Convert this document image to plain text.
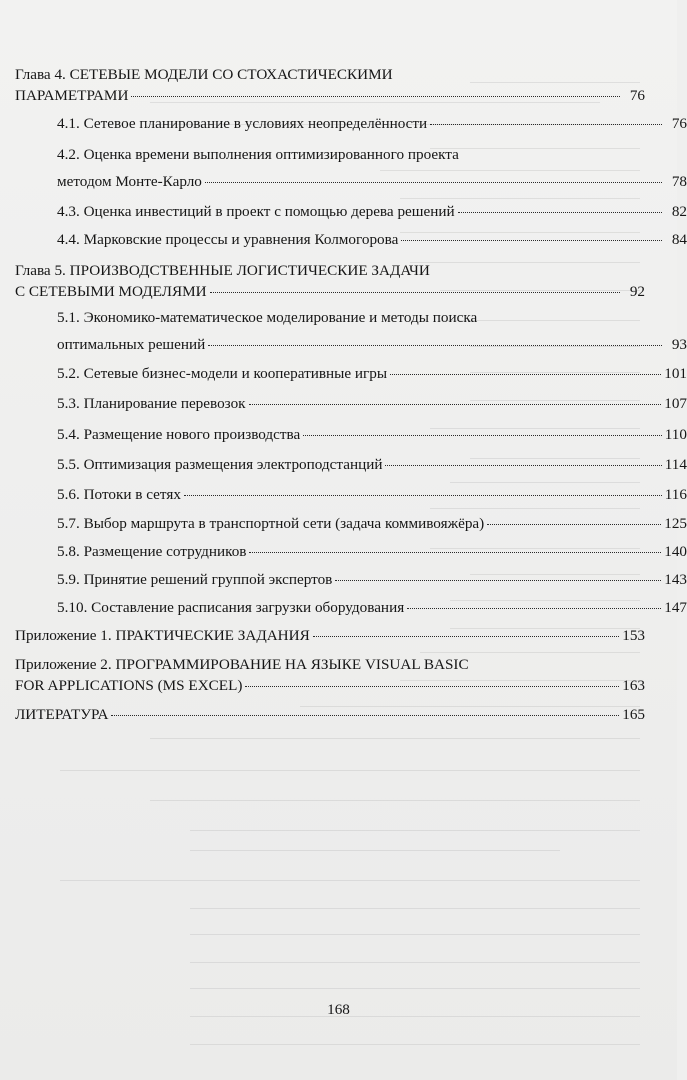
Глава 4. СЕТЕВЫЕ МОДЕЛИ СО СТОХАСТИЧЕСКИМИ
ПАРАМЕТРАМИ	76
4.1. Сетевое планирование в условиях неопределённости	76
4.2. Оценка времени выполнения оптимизированного проекта
методом Монте-Карло	78
4.3. Оценка инвестиций в проект с помощью дерева решений	82
4.4. Марковские процессы и уравнения Колмогорова	84
Глава 5. ПРОИЗВОДСТВЕННЫЕ ЛОГИСТИЧЕСКИЕ ЗАДАЧИ
С СЕТЕВЫМИ МОДЕЛЯМИ	92
5.1. Экономико-математическое моделирование и методы поиска
оптимальных решений	93
5.2. Сетевые бизнес-модели и кооперативные игры	101
5.3. Планирование перевозок	107
5.4. Размещение нового производства	110
5.5. Оптимизация размещения электроподстанций	114
5.6. Потоки в сетях	116
5.7. Выбор маршрута в транспортной сети (задача коммивояжёра)	125
5.8. Размещение сотрудников	140
5.9. Принятие решений группой экспертов	143
5.10. Составление расписания загрузки оборудования	147
Приложение 1. ПРАКТИЧЕСКИЕ ЗАДАНИЯ	153
Приложение 2. ПРОГРАММИРОВАНИЕ НА ЯЗЫКЕ VISUAL BASIC
FOR APPLICATIONS (MS EXCEL)	163
ЛИТЕРАТУРА	165
168
